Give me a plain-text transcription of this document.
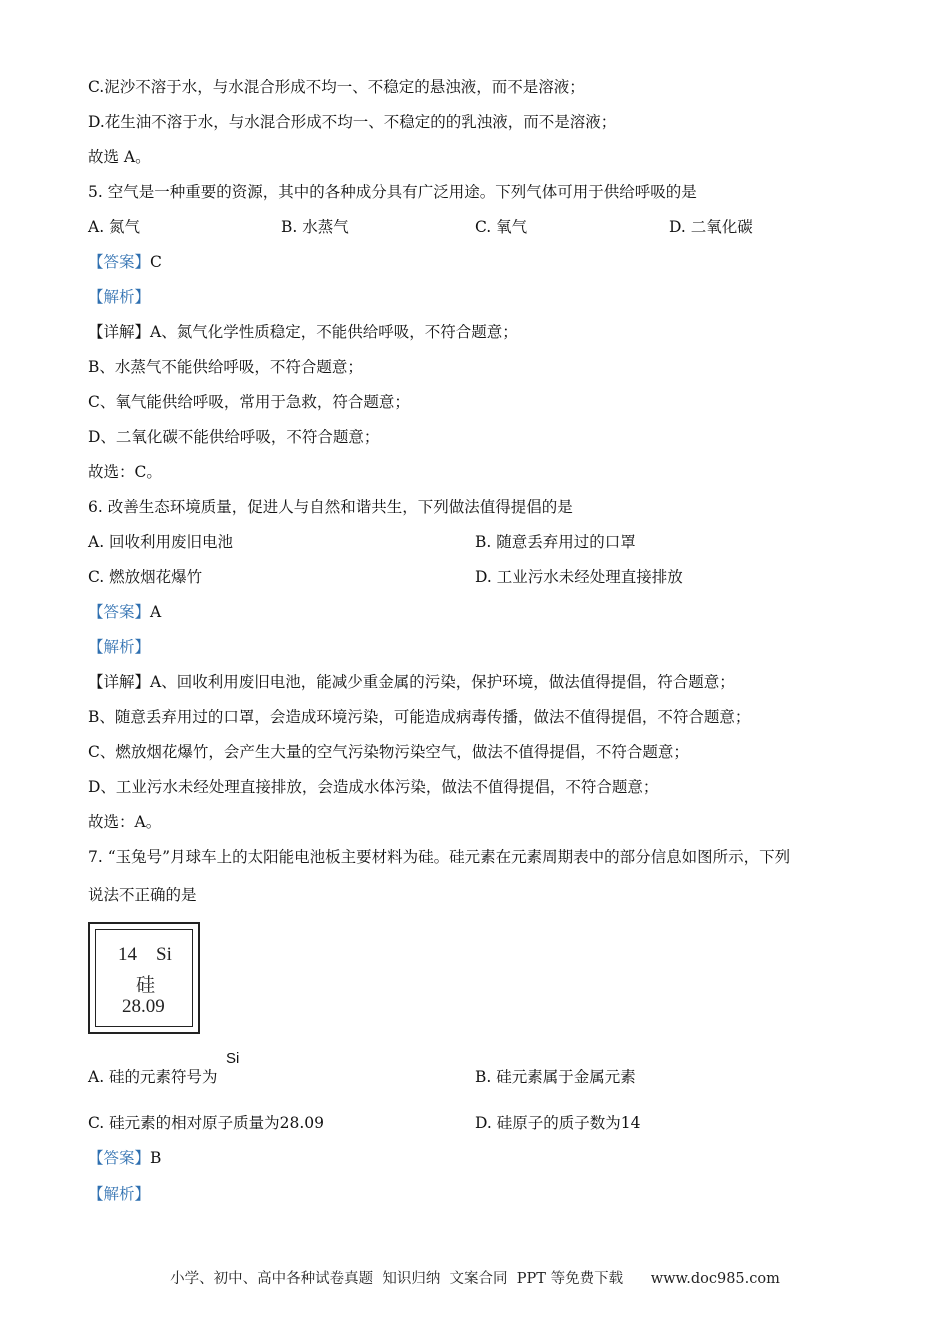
C.泥沙不溶于水，与水混合形成不均一、不稳定的悬浊液，而不是溶液；
D.花生油不溶于水，与水混合形成不均一、不稳定的的乳浊液，而不是溶液；
故选 A。
5. 空气是一种重要的资源，其中的各种成分具有广泛用途。下列气体可用于供给呼吸的是
A. 氮气	B. 水蒸气	C. 氧气	D. 二氧化碳
【答案】C
【解析】
【详解】A、氮气化学性质稳定，不能供给呼吸，不符合题意；
B、水蒸气不能供给呼吸，不符合题意；
C、氧气能供给呼吸，常用于急救，符合题意；
D、二氧化碳不能供给呼吸，不符合题意；
故选：C。
6. 改善生态环境质量，促进人与自然和谐共生，下列做法值得提倡的是
A. 回收利用废旧电池	B. 随意丢弃用过的口罩
C. 燃放烟花爆竹	D. 工业污水未经处理直接排放
【答案】A
【解析】
【详解】A、回收利用废旧电池，能减少重金属的污染，保护环境，做法值得提倡，符合题意；
B、随意丢弃用过的口罩，会造成环境污染，可能造成病毒传播，做法不值得提倡，不符合题意；
C、燃放烟花爆竹，会产生大量的空气污染物污染空气，做法不值得提倡，不符合题意；
D、工业污水未经处理直接排放，会造成水体污染，做法不值得提倡，不符合题意；
故选：A。
7. “玉兔号”月球车上的太阳能电池板主要材料为硅。硅元素在元素周期表中的部分信息如图所示，下列
说法不正确的是
14 Si
硅
28.09
A. 硅的元素符号为
Si
B. 硅元素属于金属元素
C. 硅元素的相对原子质量为28.09	D. 硅原子的质子数为14
【答案】B
【解析】
小学、初中、高中各种试卷真题  知识归纳  文案合同  PPT 等免费下载      www.doc985.com
